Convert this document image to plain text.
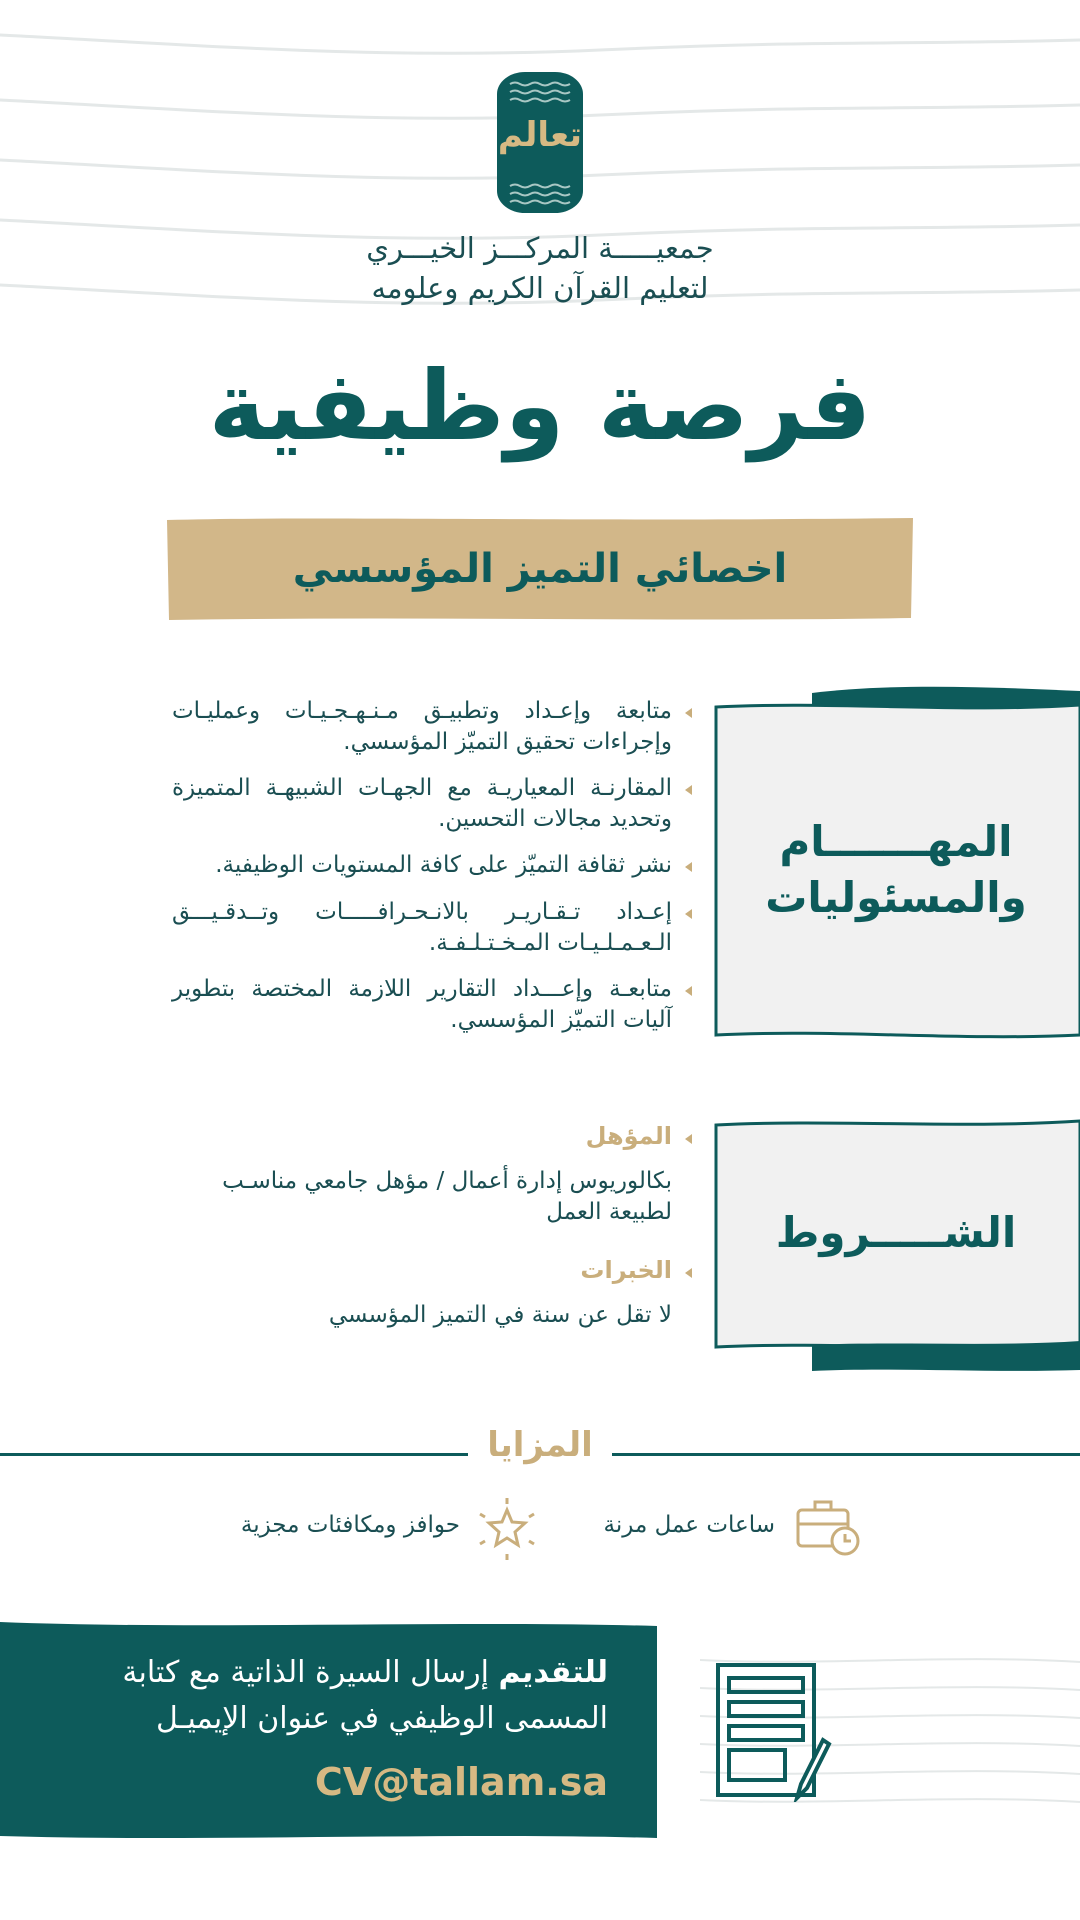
تعالم
جمعيـــــة المركـــز الخيـــري
لتعليم القرآن الكريم وعلومه
فرصة وظيفية
اخصائي التميز المؤسسي
المهـــــــام والمسئوليات
متابعة وإعـداد وتطبيـق مـنـهـجـيـات وعمليـات وإجراءات تحقيق التميّز المؤسسي.
المقارنـة المعياريـة مع الجهـات الشبيهـة المتميزة وتحديد مجالات التحسين.
نشر ثقافة التميّز على كافة المستويات الوظيفية.
إعـداد تـقـاريـر بالانـحـرافـــــات وتــدقـيـــق الـعـمـلـيـات المـخـتـلـفـة.
متابعـة وإعـــداد التقارير اللازمة المختصة بتطوير آليات التميّز المؤسسي.
الشـــــروط
المؤهل
بكالوريوس إدارة أعمال / مؤهل جامعي مناسـب لطبيعة العمل
الخبرات
لا تقل عن سنة في التميز المؤسسي
المزايا
ساعات عمل مرنة
حوافز ومكافئات مجزية
للتقديم إرسال السيرة الذاتية مع كتابة
المسمى الوظيفي في عنوان الإيميـل
CV@tallam.sa
